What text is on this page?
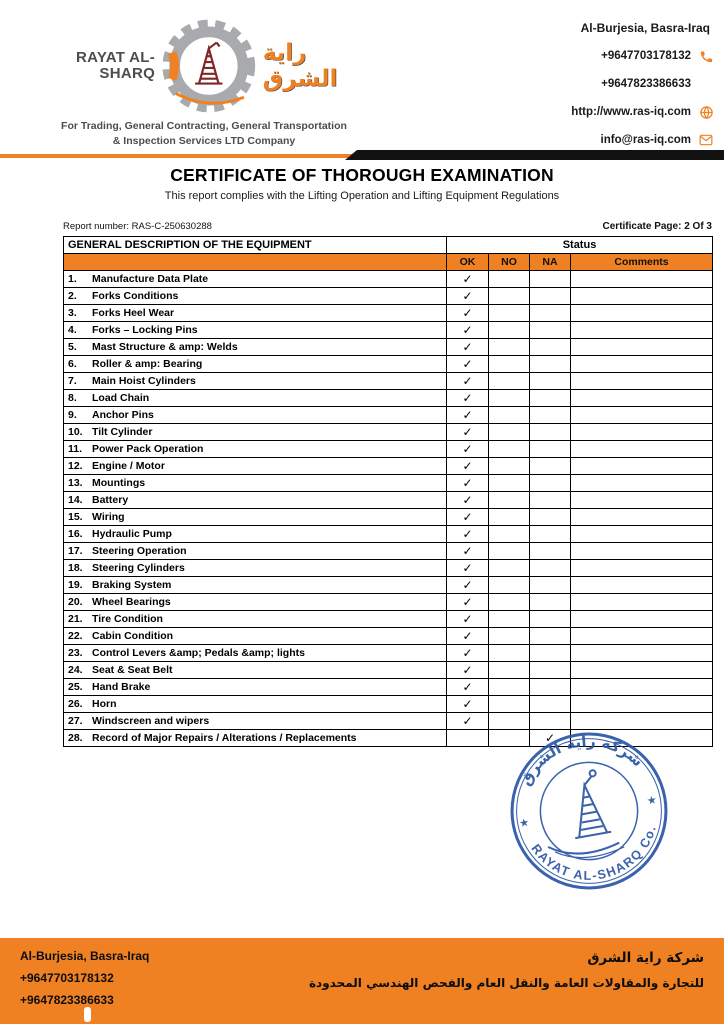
RAYAT AL-SHARQ
راية الشرق
For Trading, General Contracting, General Transportation
& Inspection Services LTD Company
Al-Burjesia, Basra-Iraq
+9647703178132
+9647823386633
http://www.ras-iq.com
info@ras-iq.com
CERTIFICATE OF THOROUGH EXAMINATION
This report complies with the Lifting Operation and Lifting Equipment Regulations
Report number: RAS-C-250630288	Certificate Page: 2 Of 3
GENERAL DESCRIPTION OF THE EQUIPMENT	Status			
	OK	NO	NA	Comments
1. Manufacture Data Plate	✓			
2. Forks Conditions	✓			
3. Forks Heel Wear	✓			
4. Forks – Locking Pins	✓			
5. Mast Structure & amp: Welds	✓			
6. Roller & amp: Bearing	✓			
7. Main Hoist Cylinders	✓			
8. Load Chain	✓			
9. Anchor Pins	✓			
10. Tilt Cylinder	✓			
11. Power Pack Operation	✓			
12. Engine / Motor	✓			
13. Mountings	✓			
14. Battery	✓			
15. Wiring	✓			
16. Hydraulic Pump	✓			
17. Steering Operation	✓			
18. Steering Cylinders	✓			
19. Braking System	✓			
20. Wheel Bearings	✓			
21. Tire Condition	✓			
22. Cabin Condition	✓			
23. Control Levers &amp; Pedals &amp; lights	✓			
24. Seat & Seat Belt	✓			
25. Hand Brake	✓			
26. Horn	✓			
27. Windscreen and wipers	✓			
28. Record of Major Repairs / Alterations / Replacements			✓	
شركة راية الشرق
RAYAT AL-SHARQ Co.
★
★
Al-Burjesia, Basra-Iraq
+9647703178132
+9647823386633
شركة راية الشرق
للتجارة والمقاولات العامة والنقل العام والفحص الهندسي المحدودة
